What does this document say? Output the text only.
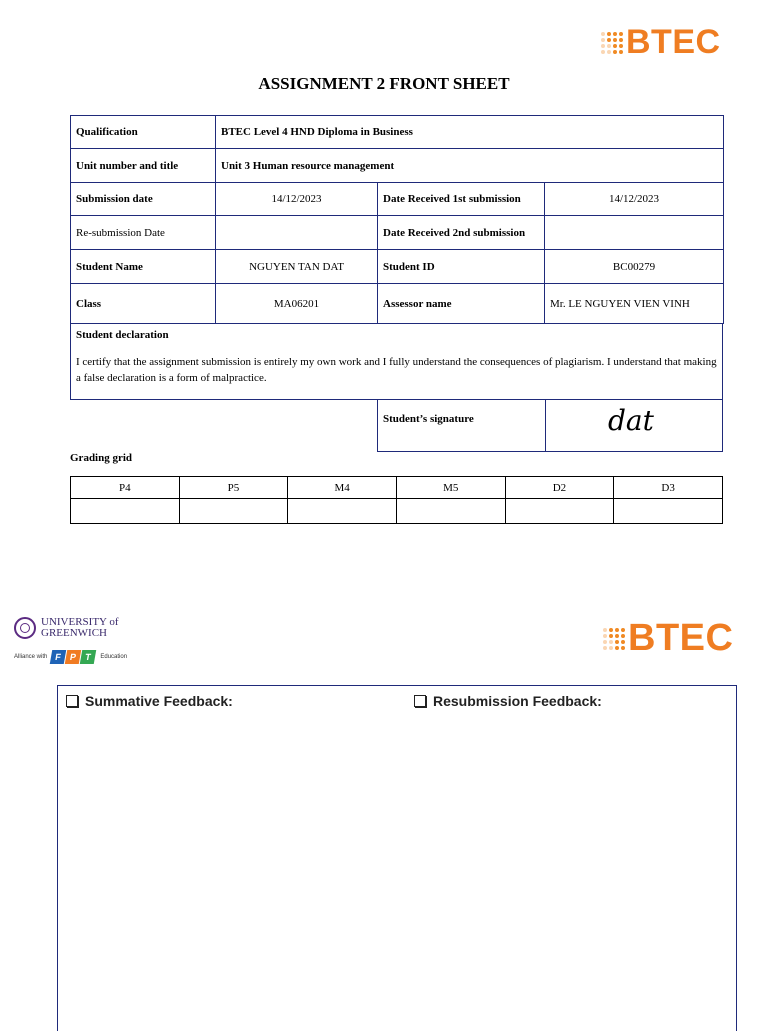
BTEC
ASSIGNMENT 2 FRONT SHEET
Qualification	BTEC Level 4 HND Diploma in Business		
Unit number and title	Unit 3 Human resource management		
Submission date	14/12/2023	Date Received 1st submission	14/12/2023
Re-submission Date		Date Received 2nd submission	
Student Name	NGUYEN TAN DAT	Student ID	BC00279
Class	MA06201	Assessor name	Mr. LE NGUYEN VIEN VINH
Student declaration
I certify that the assignment submission is entirely my own work and I fully understand the consequences of plagiarism. I understand that making a false declaration is a form of malpractice.
Student’s signature	dat
Grading grid
P4	P5	M4	M5	D2	D3

UNIVERSITY of
GREENWICH
Alliance with F P T	Education	BTEC
Summative Feedback:	Resubmission Feedback:
